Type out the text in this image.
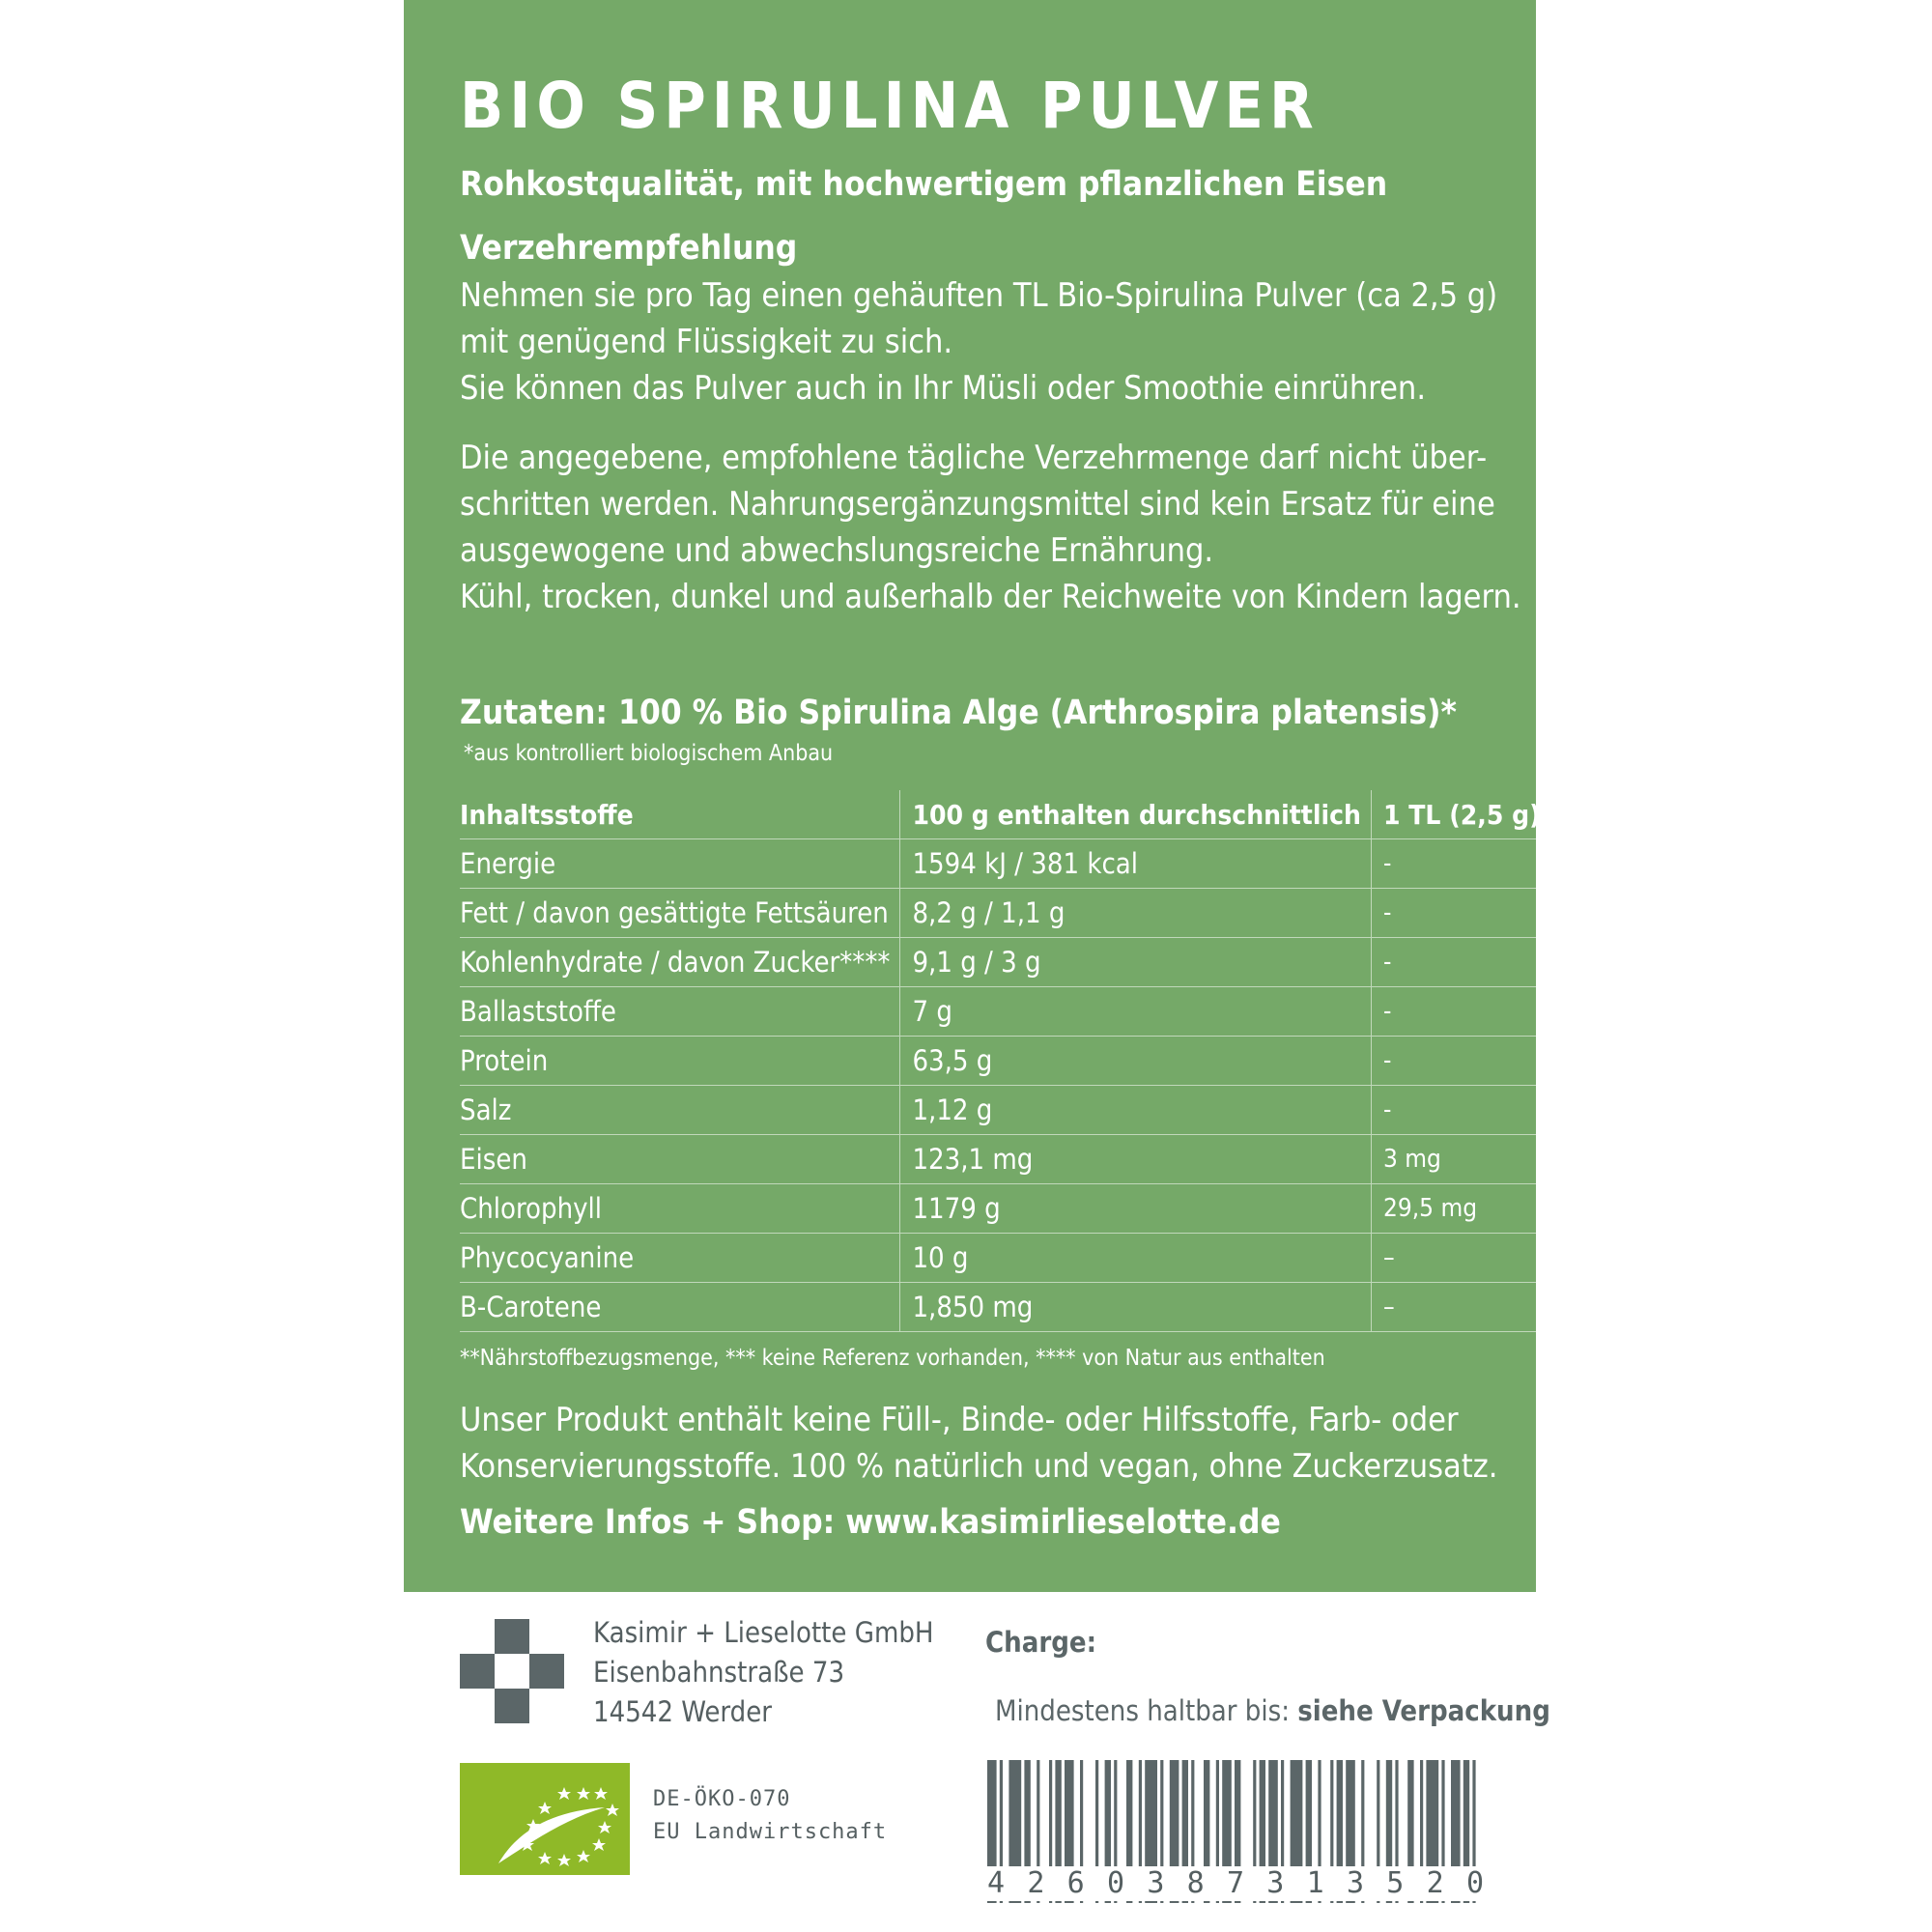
BIO SPIRULINA PULVER
Rohkostqualität, mit hochwertigem pflanzlichen Eisen
Verzehrempfehlung
Nehmen sie pro Tag einen gehäuften TL Bio-Spirulina Pulver (ca 2,5 g)
mit genügend Flüssigkeit zu sich.
Sie können das Pulver auch in Ihr Müsli oder Smoothie einrühren.
Die angegebene, empfohlene tägliche Verzehrmenge darf nicht über-
schritten werden. Nahrungsergänzungsmittel sind kein Ersatz für eine
ausgewogene und abwechslungsreiche Ernährung.
Kühl, trocken, dunkel und außerhalb der Reichweite von Kindern lagern.
Zutaten: 100 % Bio Spirulina Alge (Arthrospira platensis)*
*aus kontrolliert biologischem Anbau
Inhaltsstoffe	100 g enthalten durchschnittlich	1 TL (2,5 g)	% NRV**
Energie	1594 kJ / 381 kcal	-	***
Fett / davon gesättigte Fettsäuren	8,2 g / 1,1 g	-	***
Kohlenhydrate / davon Zucker****	9,1 g / 3 g	-	***
Ballaststoffe	7 g	-	***
Protein	63,5 g	-	***
Salz	1,12 g	-	***
Eisen	123,1 mg	3 mg	20 %
Chlorophyll	1179 g	29,5 mg	***
Phycocyanine	10 g	–	***
B-Carotene	1,850 mg	–	***
**Nährstoffbezugsmenge, *** keine Referenz vorhanden, **** von Natur aus enthalten
Unser Produkt enthält keine Füll-, Binde- oder Hilfsstoffe, Farb- oder
Konservierungsstoffe. 100 % natürlich und vegan, ohne Zuckerzusatz.
Weitere Infos + Shop: www.kasimirlieselotte.de
Kasimir + Lieselotte GmbH
Eisenbahnstraße 73
14542 Werder
Charge:
Mindestens haltbar bis: siehe Verpackung
DE-ÖKO-070
EU Landwirtschaft
4 2 6 0 3 8 7 3 1 3 5 2 0
